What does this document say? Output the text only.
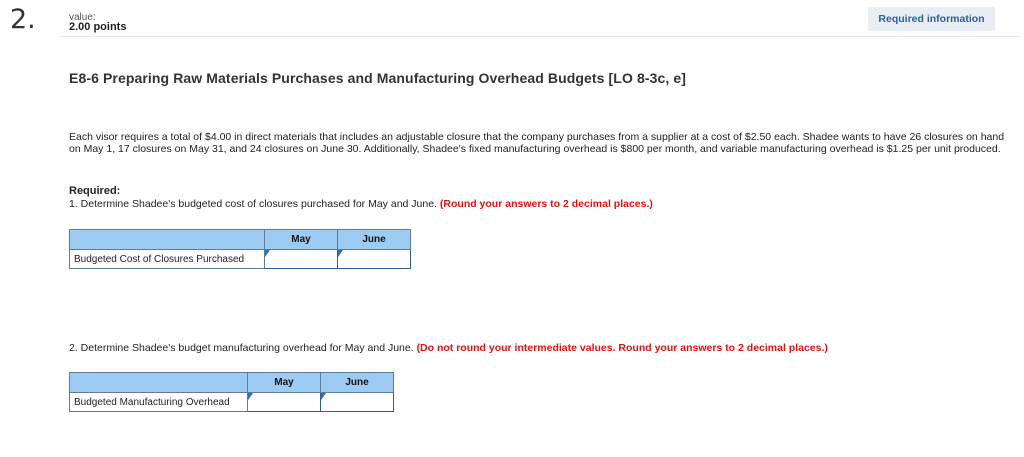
2.	value:
2.00 points
Required information
E8-6 Preparing Raw Materials Purchases and Manufacturing Overhead Budgets [LO 8-3c, e]
Each visor requires a total of $4.00 in direct materials that includes an adjustable closure that the company purchases from a supplier at a cost of $2.50 each. Shadee wants to have 26 closures on hand on May 1, 17 closures on May 31, and 24 closures on June 30. Additionally, Shadee's fixed manufacturing overhead is $800 per month, and variable manufacturing overhead is $1.25 per unit produced.
Required:
1. Determine Shadee's budgeted cost of closures purchased for May and June. (Round your answers to 2 decimal places.)
	May	June
Budgeted Cost of Closures Purchased	

2. Determine Shadee's budget manufacturing overhead for May and June. (Do not round your intermediate values. Round your answers to 2 decimal places.)
	May	June
Budgeted Manufacturing Overhead	
